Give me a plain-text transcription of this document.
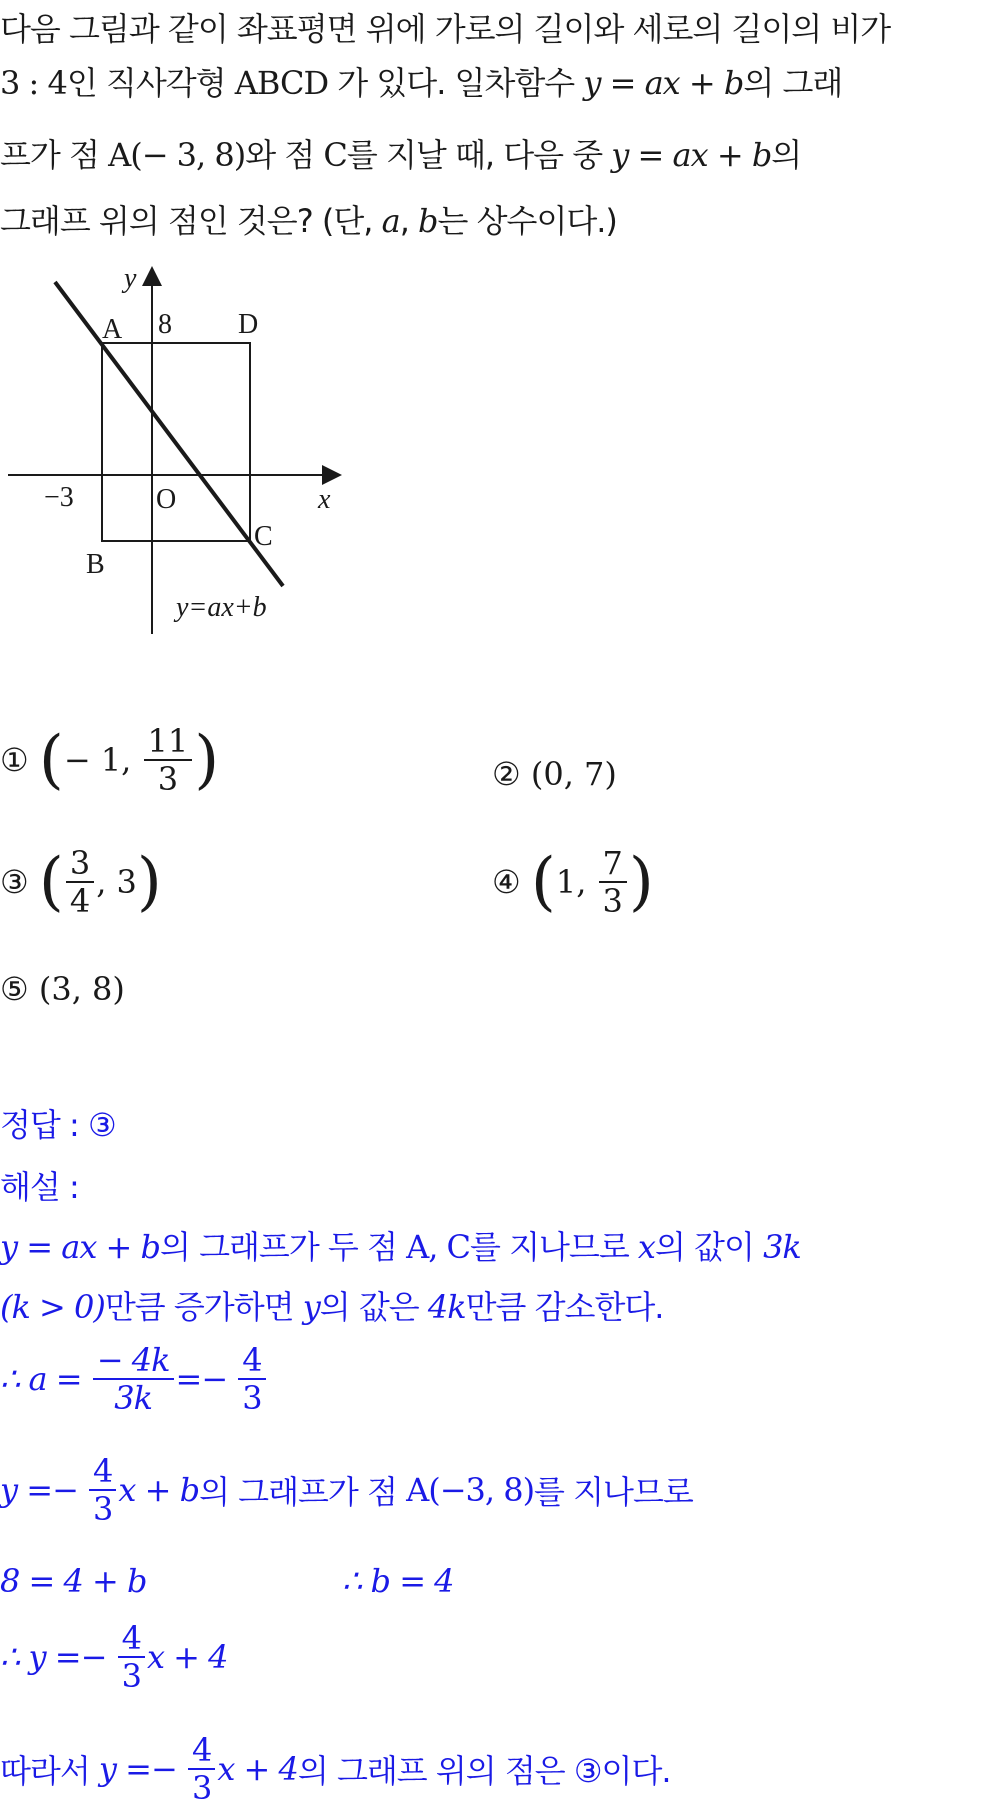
다음 그림과 같이 좌표평면 위에 가로의 길이와 세로의 길이의 비가
3 : 4인 직사각형 ABCD 가 있다. 일차함수 y = ax + b의 그래
프가 점 A(− 3, 8)와 점 C를 지날 때, 다음 중 y = ax + b의
그래프 위의 점인 것은? (단, a, b는 상수이다.)
y
8
A	D
−3	O	x
C
B
y=ax+b
① (− 1, $\frac{11}{3}$ )	② (0, 7)
③ ( $\frac{3}{4}$ , 3)	④ (1, $\frac{7}{3}$ )
⑤ (3, 8)
정답 : ③
해설 :
y = ax + b의 그래프가 두 점 A, C를 지나므로 x의 값이 3k
(k > 0)만큼 증가하면 y의 값은 4k만큼 감소한다.
∴ $a = \frac{- 4k}{3k} =- \frac{4}{3}$
$y =- \frac{4}{3}$ x + b의 그래프가 점 A(−3, 8)를 지나므로
8 = 4 + b	∴ b = 4
∴ $y =- \frac{4}{3}$ x + 4
따라서 $y =- \frac{4}{3}$ x + 4의 그래프 위의 점은 ③이다.
